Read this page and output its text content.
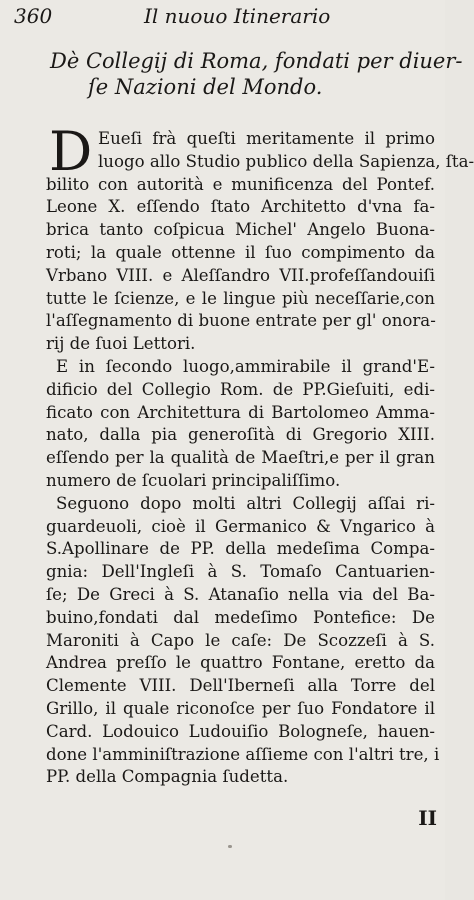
360	Il nuouo Itinerario
Dè Collegij di Roma, fondati per diuer-
ſe Nazioni del Mondo.
D Eueſi frà queſti meritamente il primo
luogo allo Studio publico della Sapienza, ſta-
bilito con autorità e munificenza del Pontef.
Leone X. eſſendo ſtato Architetto d'vna fa-
brica tanto coſpicua Michel' Angelo Buona-
roti; la quale ottenne il ſuo compimento da
Vrbano VIII. e Aleſſandro VII.profeſſandouiſi
tutte le ſcienze, e le lingue più neceſſarie,con
l'aſſegnamento di buone entrate per gl' onora-
rij de ſuoi Lettori.
E in ſecondo luogo,ammirabile il grand'E-
dificio del Collegio Rom. de PP.Gieſuiti, edi-
ficato con Architettura di Bartolomeo Amma-
nato, dalla pia generoſità di Gregorio XIII.
eſſendo per la qualità de Maeſtri,e per il gran
numero de ſcuolari principaliſſimo.
Seguono dopo molti altri Collegij aſſai ri-
guardeuoli, cioè il Germanico & Vngarico à
S.Apollinare de PP. della medeſima Compa-
gnia: Dell'Ingleſi à S. Tomaſo Cantuarien-
ſe; De Greci à S. Atanaſio nella via del Ba-
buino,fondati dal medeſimo Pontefice: De
Maroniti à Capo le caſe: De Scozzeſi à S.
Andrea preſſo le quattro Fontane, eretto da
Clemente VIII. Dell'Iberneſi alla Torre del
Grillo, il quale riconoſce per ſuo Fondatore il
Card. Lodouico Ludouiſio Bologneſe, hauen-
done l'amminiſtrazione aſſieme con l'altri tre, i
PP. della Compagnia ſudetta.
II
